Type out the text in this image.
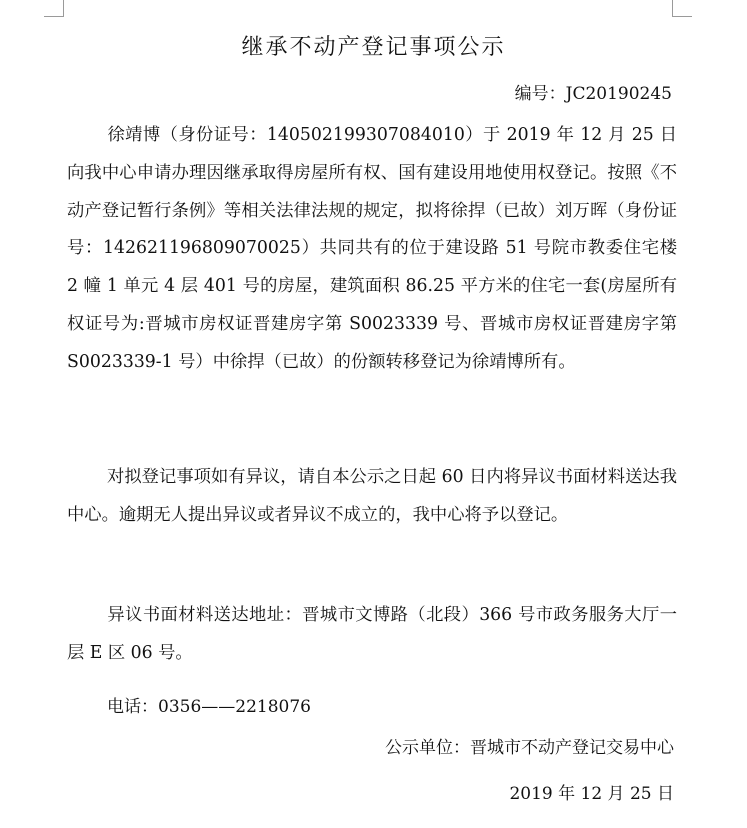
继承不动产登记事项公示
编号：JC20190245

徐靖博（身份证号：140502199307084010）于 2019 年 12 月 25 日向我中心申请办理因继承取得房屋所有权、国有建设用地使用权登记。按照《不动产登记暂行条例》等相关法律法规的规定，拟将徐捍（已故）刘万晖（身份证号：142621196809070025）共同共有的位于建设路 51 号院市教委住宅楼 2 幢 1 单元 4 层 401 号的房屋，建筑面积 86.25 平方米的住宅一套(房屋所有权证号为:晋城市房权证晋建房字第 S0023339 号、晋城市房权证晋建房字第 S0023339-1 号）中徐捍（已故）的份额转移登记为徐靖博所有。

对拟登记事项如有异议，请自本公示之日起 60 日内将异议书面材料送达我中心。逾期无人提出异议或者异议不成立的，我中心将予以登记。

异议书面材料送达地址：晋城市文博路（北段）366 号市政务服务大厅一层 E 区 06 号。

电话：0356——2218076
公示单位：晋城市不动产登记交易中心
2019 年 12 月 25 日
